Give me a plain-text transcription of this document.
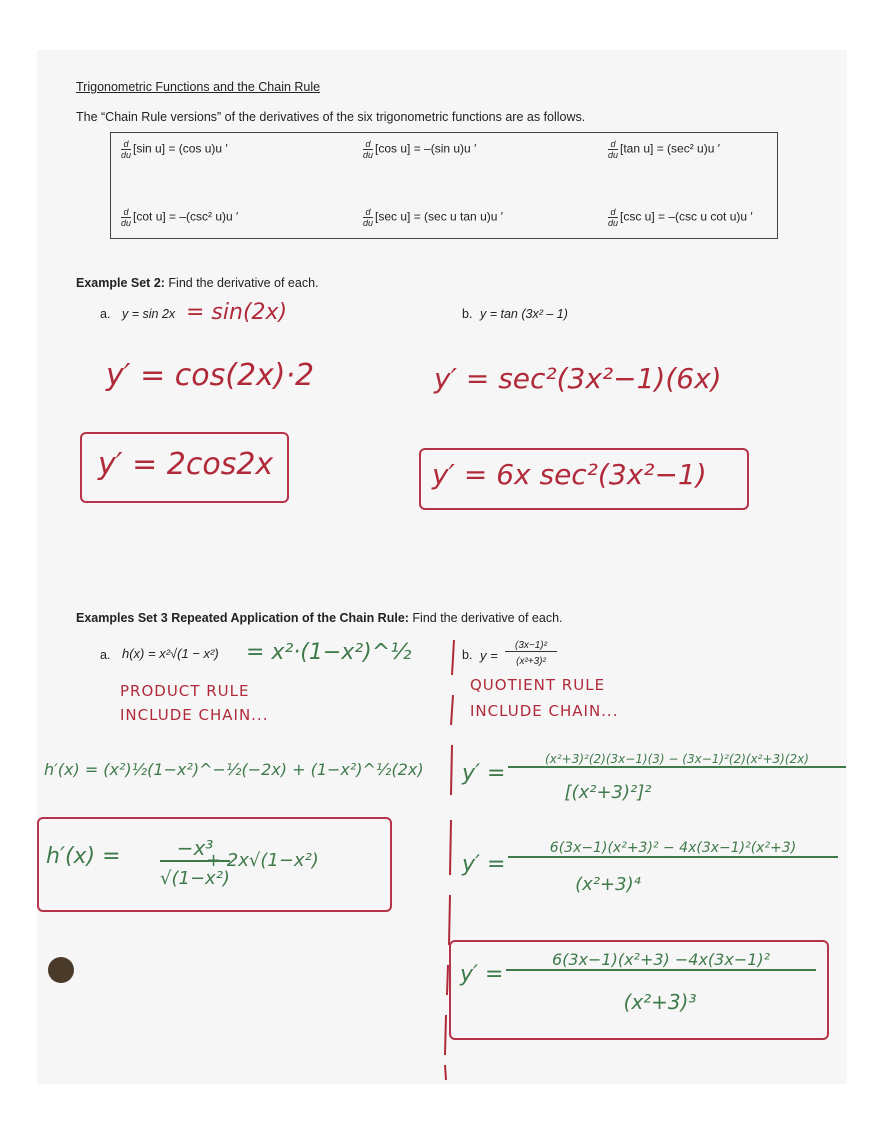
Trigonometric Functions and the Chain Rule
The “Chain Rule versions” of the derivatives of the six trigonometric functions are as follows.
$\frac{d}{du} [\sin$ u] = (cos u)u ′	$\frac{d}{du} [\cos$ u] = –(sin u)u ′	$\frac{d}{du} [\tan$ u] = (sec² u)u ′
$\frac{d}{du} [\cot$ u] = –(csc² u)u ′	$\frac{d}{du} [\sec$ u] = (sec u tan u)u ′	$\frac{d}{du} [\csc$ u] = –(csc u cot u)u ′
Example Set 2: Find the derivative of each.
a. y = sin 2x = sin(2x)
y′ = cos(2x)·2
y′ = 2cos2x
b. y = tan (3x² – 1)
y′ = sec²(3x²−1)(6x)
y′ = 6x sec²(3x²−1)
Examples Set 3 Repeated Application of the Chain Rule: Find the derivative of each.
a. h(x) = x²√(1 − x²) = x²·(1−x²)^½
PRODUCT RULE
INCLUDE CHAIN...
h′(x) = (x²)½(1−x²)^−½(−2x) + (1−x²)^½(2x)
h′(x) =	−x³
√(1−x²)
+ 2x√(1−x²)
b. y =
(3x−1)²
(x²+3)²
QUOTIENT RULE
INCLUDE CHAIN...
y′ =
(x²+3)²(2)(3x−1)(3) − (3x−1)²(2)(x²+3)(2x)
[(x²+3)²]²
y′ =
6(3x−1)(x²+3)² − 4x(3x−1)²(x²+3)
(x²+3)⁴
y′ =
6(3x−1)(x²+3) −4x(3x−1)²
(x²+3)³
